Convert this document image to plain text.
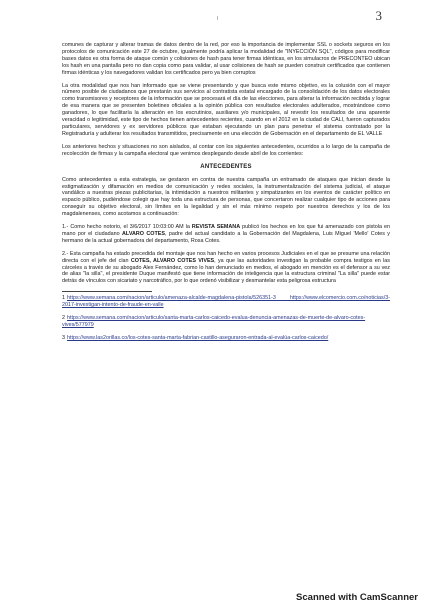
3

comunes de capturar y alterar tramas de datos dentro de la red, por eso la importancia de implementar SSL o sockets seguros en los protocolos de comunicación este 27 de octubre, igualmente podría aplicar la modalidad de "INYECCIÓN SQL", códigos para modificar bases datos es otra forma de ataque común y colisiones de hash para tener firmas idénticas, en los simulacros de PRECONTEO ubican los hash en una pantalla pero no dan copia como para validar, al usar colisiones de hash se pueden construir certificados que contienen firmas idénticas y los navegadores validan los certificados pero ya bien corruptos

La otra modalidad que nos han informado que se viene presentando y que busca este mismo objetivo, es la colusión con el mayor número posible de ciudadanos que prestarán sus servicios al contratista estatal encargado de la consolidación de los datos electorales como transmisores y receptores de la información que se procesará el día de las elecciones, para alterar la información recibida y lograr de esa manera que se presenten boletines oficiales a la opinión pública con resultados electorales adulterados, mostrándose como ganadores, lo que facilitaría la alteración en los escrutinios, auxiliares y/o municipales, al revestir los resultados de una aparente veracidad o legitimidad, este tipo de hechos tienen antecedentes recientes, cuando en el 2012 en la ciudad de CALI, fueron capturados particulares, servidores y ex servidores públicos que estaban ejecutando un plan para penetrar el sistema contratado por la Registraduría y adulterar los resultados transmitidos, precisamente en una elección de Gobernación en el departamento de EL VALLE

Los anteriores hechos y situaciones no son aislados, al contar con los siguientes antecedentes, ocurridos a lo largo de la campaña de recolección de firmas y la campaña electoral que venimos desplegando desde abril de los corrientes:

ANTECEDENTES

Como antecedentes a esta estrategia, se gestaron en contra de nuestra campaña un entramado de ataques que inician desde la estigmatización y difamación en medios de comunicación y redes sociales, la instrumentalización del sistema judicial, el ataque vandálico a nuestras piezas publicitarias, la intimidación a nuestros militantes y simpatizantes en los eventos de carácter político en espacio público, pudiéndose colegir que hay toda una estructura de personas, que concertaron realizar cualquier tipo de acciones para conseguir su objetivo electoral, sin límites en la legalidad y sin el más mínimo respeto por nuestros derechos y los de los magdalenenses, como acotamos a continuación:

1.- Como hecho notorio, el 3/6/2017 10:03:00 AM la REVISTA SEMANA publicó los hechos en los que fui amenazado con pistola en mano por el ciudadano ALVARO COTES, padre del actual candidato a la Gobernación del Magdalena, Luis Miguel 'Mello' Cotes y hermano de la actual gobernadora del departamento, Rosa Cotes.

2.- Esta campaña ha estado precedida del montaje que nos han hecho en varios procesos Judiciales en el que se presume una relación directa con el jefe del clan COTES, ALVARO COTES VIVES, ya que las autoridades investigan la probable compra testigos en las cárceles a través de su abogado Alex Fernández, como lo han denunciado en medios, el abogado en mención es el defensor a su vez de alias "la silla", el presidente Duque manifestó que tiene información de inteligencia que la estructura criminal "La silla" puede estar detrás de vínculos con sicariato y narcotráfico, por lo que ordenó visibilizar y desmantelar esta peligrosa estructura

1 https://www.semana.com/nacion/articulo/amenaza-alcalde-magdalena-pistola/526351-3 https://www.elcomercio.com.co/noticias/3-2017-investigan-intento-de-fraude-en-valle

2 https://www.semana.com/nacion/articulo/santa-marta-carlos-caicedo-evalua-denuncia-amenazas-de-muerte-de-alvaro-cotes-vives/577979

3 https://www.las2orillas.co/los-cotes-santa-marta-fabrian-castillo-aseguraron-entrada-al-evalúa-carlos-caicedo/

Scanned with CamScanner
